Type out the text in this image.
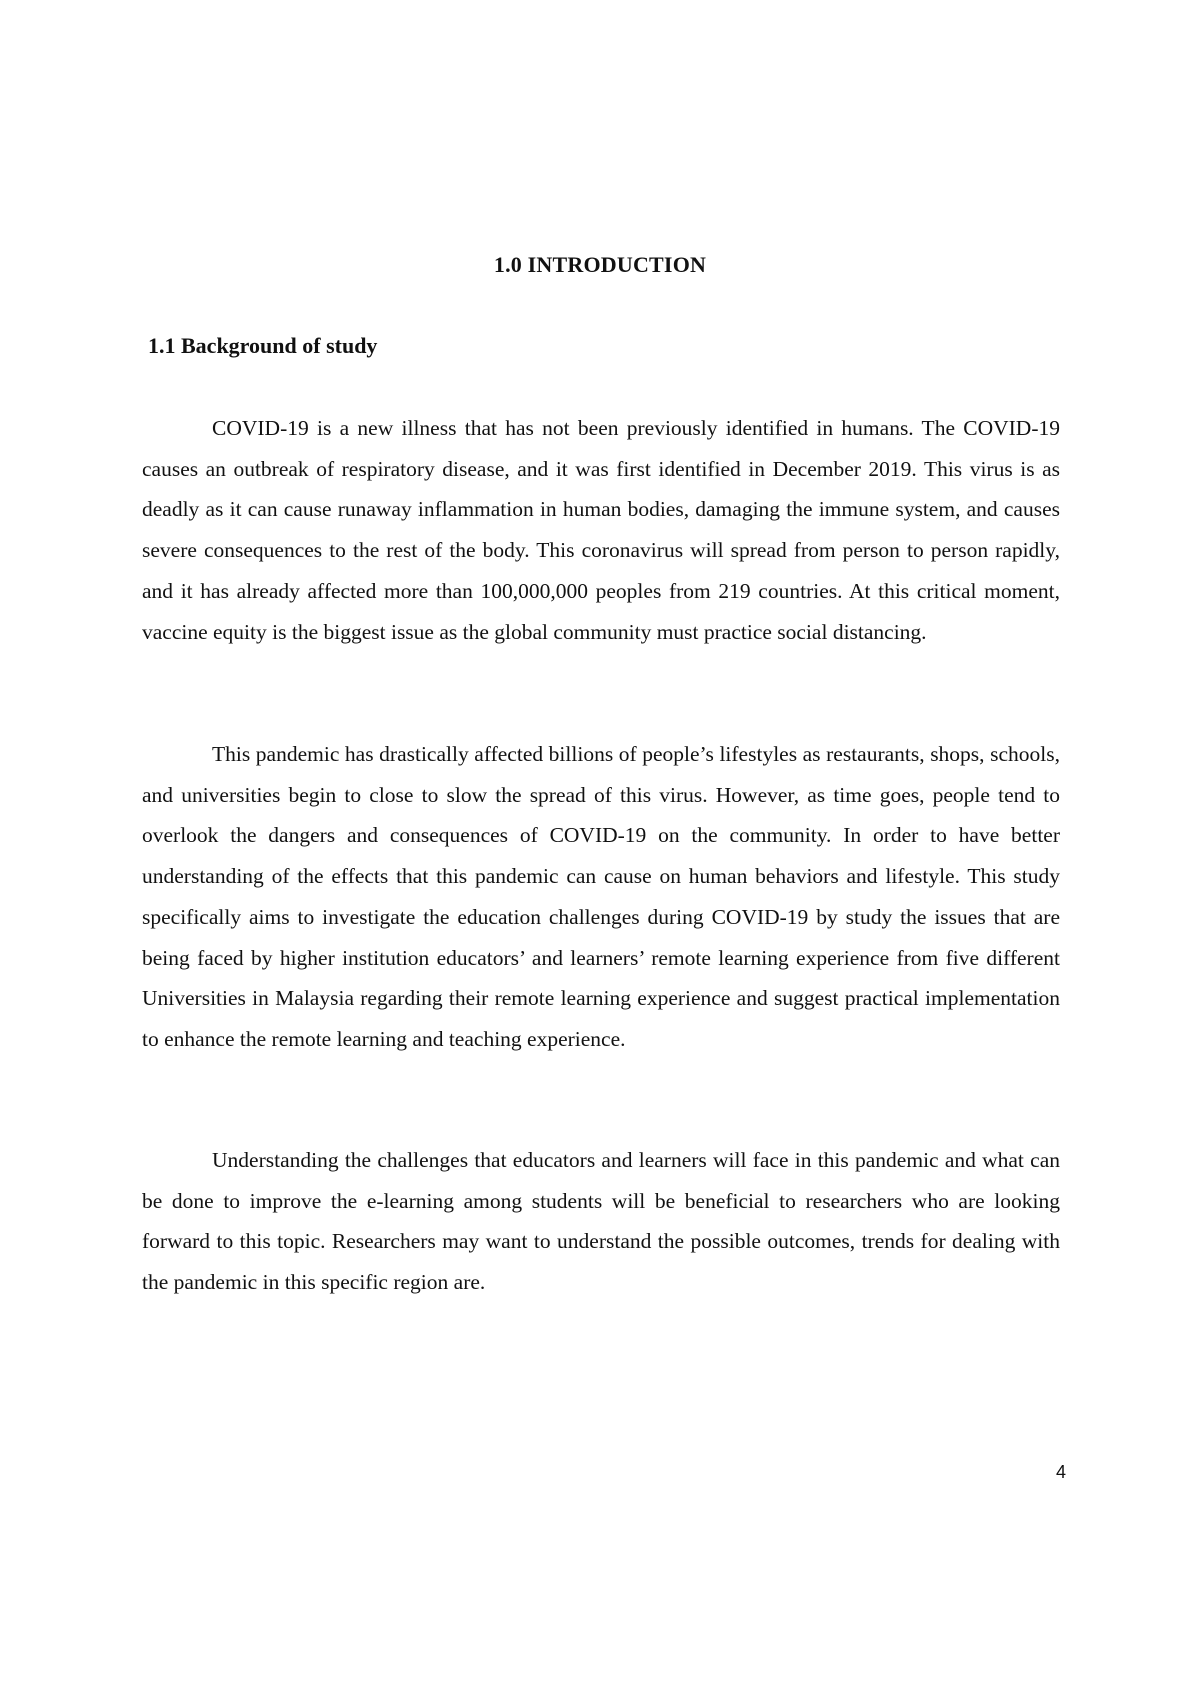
1.0 INTRODUCTION
1.1 Background of study

COVID-19 is a new illness that has not been previously identified in humans. The COVID-19 causes an outbreak of respiratory disease, and it was first identified in December 2019. This virus is as deadly as it can cause runaway inflammation in human bodies, damaging the immune system, and causes severe consequences to the rest of the body. This coronavirus will spread from person to person rapidly, and it has already affected more than 100,000,000 peoples from 219 countries. At this critical moment, vaccine equity is the biggest issue as the global community must practice social distancing.

This pandemic has drastically affected billions of people’s lifestyles as restaurants, shops, schools, and universities begin to close to slow the spread of this virus. However, as time goes, people tend to overlook the dangers and consequences of COVID-19 on the community. In order to have better understanding of the effects that this pandemic can cause on human behaviors and lifestyle. This study specifically aims to investigate the education challenges during COVID-19 by study the issues that are being faced by higher institution educators’ and learners’ remote learning experience from five different Universities in Malaysia regarding their remote learning experience and suggest practical implementation to enhance the remote learning and teaching experience.

Understanding the challenges that educators and learners will face in this pandemic and what can be done to improve the e-learning among students will be beneficial to researchers who are looking forward to this topic. Researchers may want to understand the possible outcomes, trends for dealing with the pandemic in this specific region are.

4
